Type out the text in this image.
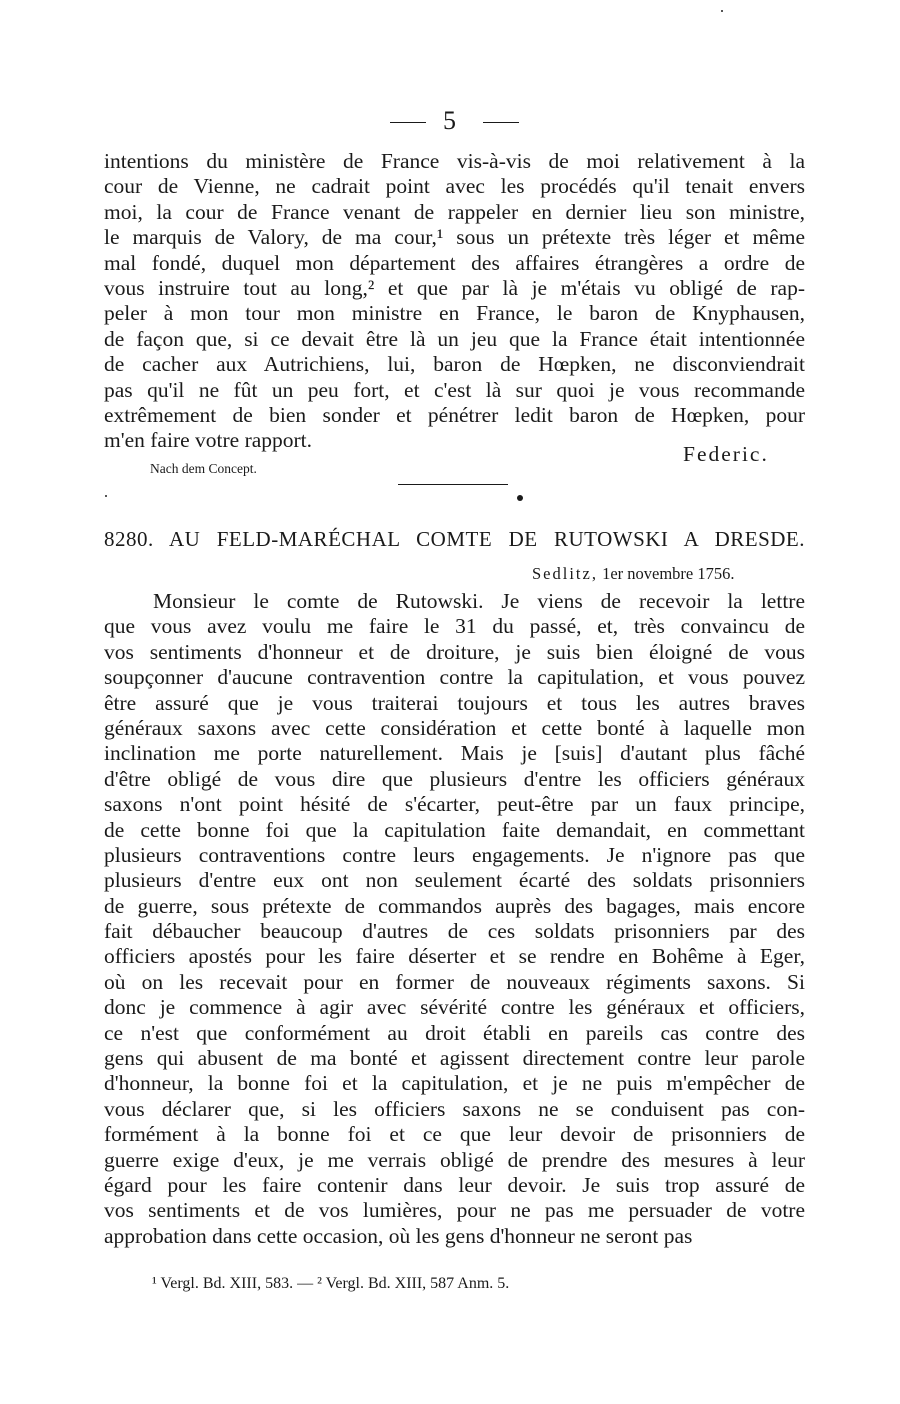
5
intentions du ministère de France vis-à-vis de moi relativement à la
cour de Vienne, ne cadrait point avec les procédés qu'il tenait envers
moi, la cour de France venant de rappeler en dernier lieu son ministre,
le marquis de Valory, de ma cour,¹ sous un prétexte très léger et même
mal fondé, duquel mon département des affaires étrangères a ordre de
vous instruire tout au long,² et que par là je m'étais vu obligé de rap-
peler à mon tour mon ministre en France, le baron de Knyphausen,
de façon que, si ce devait être là un jeu que la France était intentionnée
de cacher aux Autrichiens, lui, baron de Hœpken, ne disconviendrait
pas qu'il ne fût un peu fort, et c'est là sur quoi je vous recommande
extrêmement de bien sonder et pénétrer ledit baron de Hœpken, pour
m'en faire votre rapport.
Federic.
Nach dem Concept.
8280. AU FELD-MARÉCHAL COMTE DE RUTOWSKI A DRESDE.
Sedlitz, 1er novembre 1756.
Monsieur le comte de Rutowski. Je viens de recevoir la lettre
que vous avez voulu me faire le 31 du passé, et, très convaincu de
vos sentiments d'honneur et de droiture, je suis bien éloigné de vous
soupçonner d'aucune contravention contre la capitulation, et vous pouvez
être assuré que je vous traiterai toujours et tous les autres braves
généraux saxons avec cette considération et cette bonté à laquelle mon
inclination me porte naturellement. Mais je [suis] d'autant plus fâché
d'être obligé de vous dire que plusieurs d'entre les officiers généraux
saxons n'ont point hésité de s'écarter, peut-être par un faux principe,
de cette bonne foi que la capitulation faite demandait, en commettant
plusieurs contraventions contre leurs engagements. Je n'ignore pas que
plusieurs d'entre eux ont non seulement écarté des soldats prisonniers
de guerre, sous prétexte de commandos auprès des bagages, mais encore
fait débaucher beaucoup d'autres de ces soldats prisonniers par des
officiers apostés pour les faire déserter et se rendre en Bohême à Eger,
où on les recevait pour en former de nouveaux régiments saxons. Si
donc je commence à agir avec sévérité contre les généraux et officiers,
ce n'est que conformément au droit établi en pareils cas contre des
gens qui abusent de ma bonté et agissent directement contre leur parole
d'honneur, la bonne foi et la capitulation, et je ne puis m'empêcher de
vous déclarer que, si les officiers saxons ne se conduisent pas con-
formément à la bonne foi et ce que leur devoir de prisonniers de
guerre exige d'eux, je me verrais obligé de prendre des mesures à leur
égard pour les faire contenir dans leur devoir. Je suis trop assuré de
vos sentiments et de vos lumières, pour ne pas me persuader de votre
approbation dans cette occasion, où les gens d'honneur ne seront pas
¹ Vergl. Bd. XIII, 583. — ² Vergl. Bd. XIII, 587 Anm. 5.
